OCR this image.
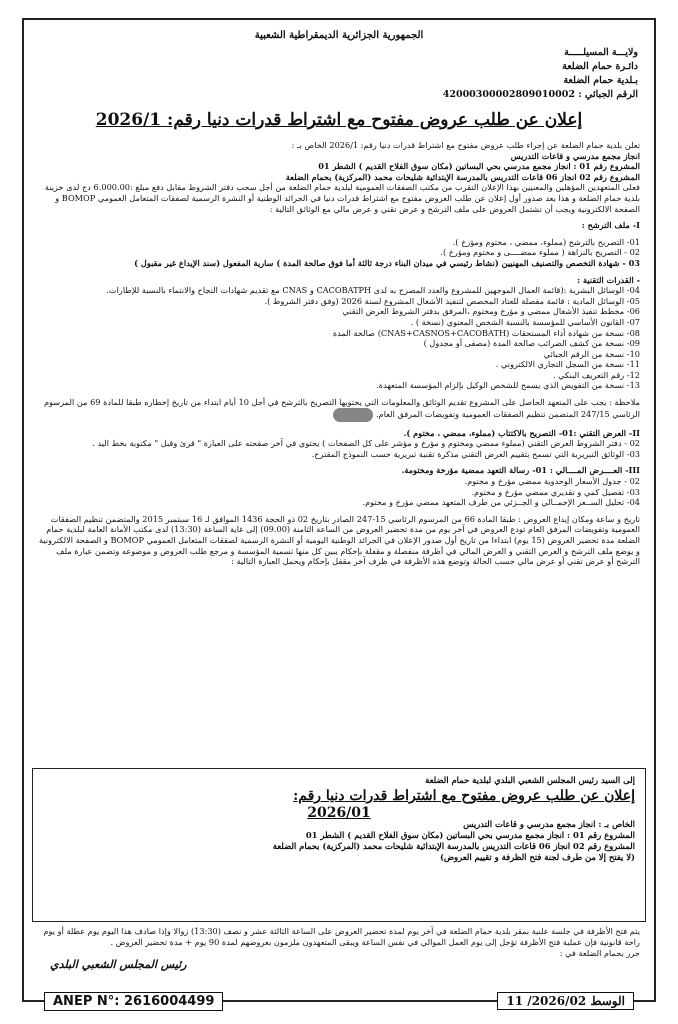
الجمهورية الجزائرية الديمقراطية الشعبية
ولايـــة المسيلـــــة
دائـرة حمام الضلعة
بـلدية حمام الضلعة
الرقم الجبائي : 42000300002809010002
إعلان عن طلب عروض مفتوح مع اشتراط قدرات دنيا رقم: 2026/1

تعلن بلدية حمام الضلعة عن إجراء طلب عروض مفتوح مع اشتراط قدرات دنيا رقم: 2026/1 الخاص بـ :

انجاز مجمع مدرسي و قاعات التدريس

المشروع رقم 01 : انجاز مجمع مدرسي بحي البساتين (مكان سوق الفلاح القديم ) الشطر 01

المشروع رقم 02 انجاز 06 قاعات التدريس بالمدرسة الإبتدائية شليحات محمد (المركزية) بحمام الضلعة

فعلى المتعهدين المؤهلين والمعنيين بهذا الإعلان التقرب من مكتب الصفقات العمومية لبلدية حمام الضلعة من أجل سحب دفتر الشروط مقابل دفع مبلغ :6.000.00 دج لدى خزينة بلدية حمام الضلعة و هذا بعد صدور أول إعلان عن طلب العروض مفتوح مع اشتراط قدرات دنيا في الجرائد الوطنية أو النشرة الرسمية لصفقات المتعامل العمومي BOMOP و الصفحة الالكترونية ويجب أن تشتمل العروض على ملف الترشح و عرض تقني و عرض مالي مع الوثائق التالية :

I- ملف الترشح :

01- التصريح بالترشح (مملوء، ممضي ، مختوم ومؤرخ ).
02 - التصريح بالنزاهة ( مملوء ممضــــى و مختوم ومؤرخ ).
03 - شهادة التخصص والتصنيف المهنيين (نشاط رئيسي في ميدان البناء درجة ثالثة أما فوق صالحة المدة ) سارية المفعول (سند الإيداع غير مقبول )

- القدرات التقنية :

04- الوسائل البشرية :(قائمة العمال الموجهين للمشروع والعدد المصرح به لدى CACOBATPH و CNAS مع تقديم شهادات النجاح والانتماء بالنسبة للإطارات.
05- الوسائل المادية : قائمة مفصلة للعتاد المخصص لتنفيذ الأشغال المشروع لسنة 2026 (وفق دفتر الشروط ).
06- مخطط تنفيذ الأشغال ممضي و مؤرخ ومختوم ،المرفق بدفتر الشروط العرض التقني
07- القانون الأساسي للمؤسسة بالنسبة الشخص المعنوي (نسخة ) .
08- نسخة من شهادة أداء المستحقات (CNAS+CASNOS+CACOBATH) صالحة المدة
09- نسخة من كشف الضرائب صالحة المدة (مصفى أو مجدول )
10- نسخة من الرقم الجبائي
11- نسخة من السجل التجاري الالكتروني .
12- رقم التعريف البنكي .
13- نسخة من التفويض الذي يسمح للشخص الوكيل بإلزام المؤسسة المتعهدة.

ملاحظة : يجب على المتعهد الحاصل على المشروع تقديم الوثائق والمعلومات التي يحتويها التصريح بالترشح في أجل 10 أيام ابتداء من تاريخ إخطاره طبقا للمادة 69 من المرسوم الرئاسي 247/15 المتضمن تنظيم الصفقات العمومية وتفويضات المرفق العام.

II- العرض التقني :01- التصريح بالاكتتاب (مملوء، ممضي ، مختوم ).

02 - دفتر الشروط العرض التقني (مملوء ممضي ومختوم و مؤرخ و مؤشر على كل الصفحات ) يحتوي في آخر صفحته على العبارة " قرئ وقبل " مكتوبة بخط اليد .
03- الوثائق التبريرية التي تسمح بتقييم العرض التقني مذكرة تقنية تبريرية حسب النموذج المقترح.

III- العــــرض المــــالي : 01- رسالة التعهد ممضية مؤرخة ومختومة.

02 - جدول الأسعار الوحدوية ممضي مؤرخ و مختوم.
03- تفصيل كمي و تقديري ممضي مؤرخ و مختوم.
04- تحليل الســعر الإجمــالي و الجــزئي من طرف المتعهد ممضي مؤرخ و مختوم.

تاريخ و ساعة ومكان إيداع العروض : طبقا المادة 66 من المرسوم الرئاسي 15-247 الصادر بتاريخ 02 ذو الحجة 1436 الموافق لـ 16 سبتمبر 2015 والمتضمن تنظيم الصفقات العمومية وتفويضات المرفق العام تودع العروض في آخر يوم من مدة تحضير العروض من الساعة الثامنة (09.00) إلى غاية الساعة (13:30) لدى مكتب الأمانة العامة لبلدية حمام الضلعة مدة تحضير العروض (15 يوم) ابتداءا من تاريخ أول صدور الإعلان في الجرائد الوطنية اليومية أو النشرة الرسمية لصفقات المتعامل العمومي BOMOP و الصفحة الالكترونية و يوضع ملف الترشح و العرض التقني و العرض المالي في أظرفة منفصلة و مقفلة بإحكام يبين كل منها تسمية المؤسسة و مرجع طلب العروض و موضوعه وتضمن عبارة ملف الترشح أو عرض تقني أو عرض مالي حسب الحالة وتوضع هذه الأظرفة في ظرف آخر مقفل بإحكام ويحمل العبارة التالية :

إلى السيد رئيس المجلس الشعبي البلدي لبلدية حمام الضلعة
إعلان عن طلب عروض مفتوح مع اشتراط قدرات دنيا رقم:
2026/01
الخاص بـ : انجاز مجمع مدرسي و قاعات التدريس
المشروع رقم 01 : انجاز مجمع مدرسي بحي البساتين (مكان سوق الفلاح القديم ) الشطر 01
المشروع رقم 02 انجاز 06 قاعات التدريس بالمدرسة الإبتدائية شليحات محمد (المركزية) بحمام الضلعة
(لا يفتح إلا من طرف لجنة فتح الظرفة و تقييم العروض)

يتم فتح الأظرفة في جلسة علنية بمقر بلدية حمام الضلعة في آخر يوم لمدة تحضير العروض على الساعة الثالثة عشر و نصف (13:30) زوالا وإذا صادف هذا اليوم يوم عطلة أو يوم راحة قانونية فإن عملية فتح الأظرفة تؤجل إلى يوم العمل الموالي في نفس الساعة ويبقى المتعهدون ملزمون بعروضهم لمدة 90 يوم + مدة تحضير العروض .

حرر بحمام الضلعة في :

رئيس المجلس الشعبي البلدي
ANEP N°: 2616004499	الوسط 2026/02/ 11
